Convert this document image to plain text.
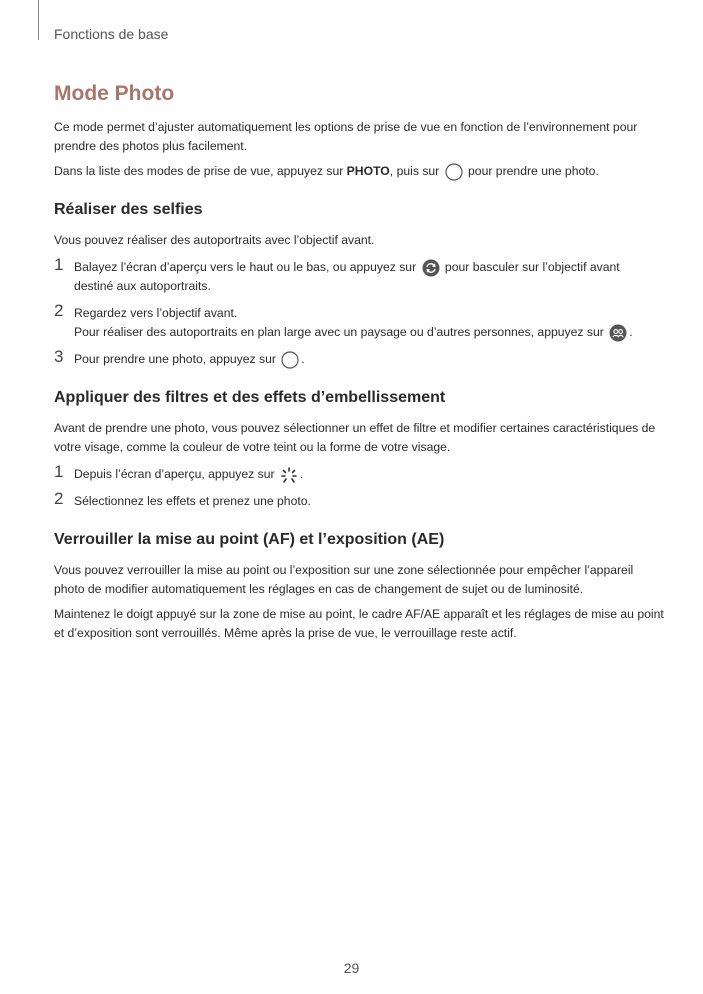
Fonctions de base
Mode Photo

Ce mode permet d’ajuster automatiquement les options de prise de vue en fonction de l’environnement pour prendre des photos plus facilement.

Dans la liste des modes de prise de vue, appuyez sur PHOTO, puis sur
pour prendre une photo.

Réaliser des selfies

Vous pouvez réaliser des autoportraits avec l’objectif avant.

1 Balayez l’écran d’aperçu vers le haut ou le bas, ou appuyez sur
pour basculer sur l’objectif avant
destiné aux autoportraits.
2 Regardez vers l’objectif avant.
Pour réaliser des autoportraits en plan large avec un paysage ou d’autres personnes, appuyez sur
.
3 Pour prendre une photo, appuyez sur
.
Appliquer des filtres et des effets d’embellissement

Avant de prendre une photo, vous pouvez sélectionner un effet de filtre et modifier certaines caractéristiques de votre visage, comme la couleur de votre teint ou la forme de votre visage.

1 Depuis l’écran d’aperçu, appuyez sur
.
2 Sélectionnez les effets et prenez une photo.
Verrouiller la mise au point (AF) et l’exposition (AE)

Vous pouvez verrouiller la mise au point ou l’exposition sur une zone sélectionnée pour empêcher l’appareil photo de modifier automatiquement les réglages en cas de changement de sujet ou de luminosité.

Maintenez le doigt appuyé sur la zone de mise au point, le cadre AF/AE apparaît et les réglages de mise au point et d’exposition sont verrouillés. Même après la prise de vue, le verrouillage reste actif.

29
